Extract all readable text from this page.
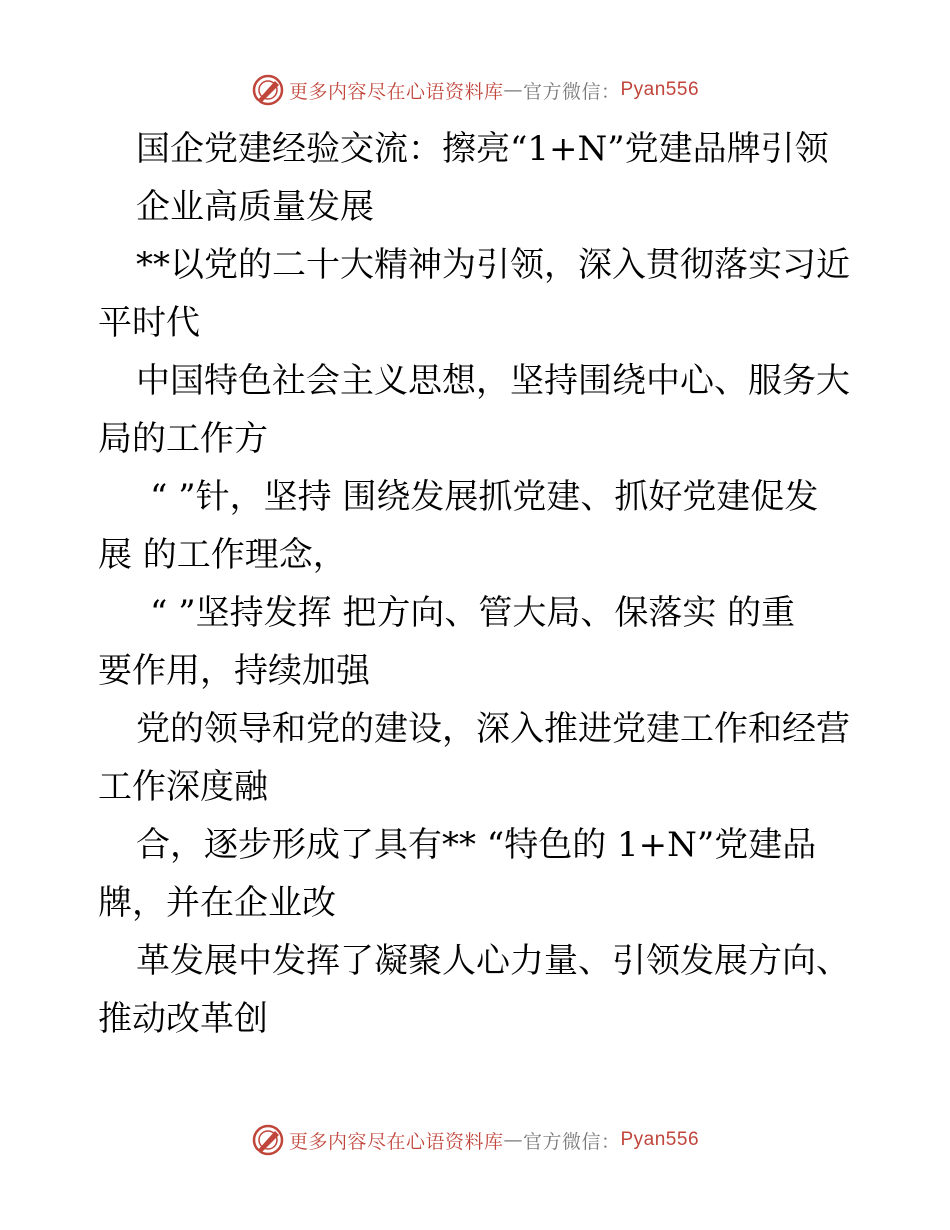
更多内容尽在心语资料库 — 官方微信： Pyan556
国企党建经验交流：擦亮“1+N”党建品牌引领
企业高质量发展
**以党的二十大精神为引领，深入贯彻落实习近
平时代
中国特色社会主义思想，坚持围绕中心、服务大
局的工作方
“ ”针，坚持 围绕发展抓党建、抓好党建促发
展 的工作理念，
“ ”坚持发挥 把方向、管大局、保落实 的重
要作用，持续加强
党的领导和党的建设，深入推进党建工作和经营
工作深度融
合，逐步形成了具有** “特色的 1+N”党建品
牌，并在企业改
革发展中发挥了凝聚人心力量、引领发展方向、
推动改革创
更多内容尽在心语资料库 — 官方微信： Pyan556
